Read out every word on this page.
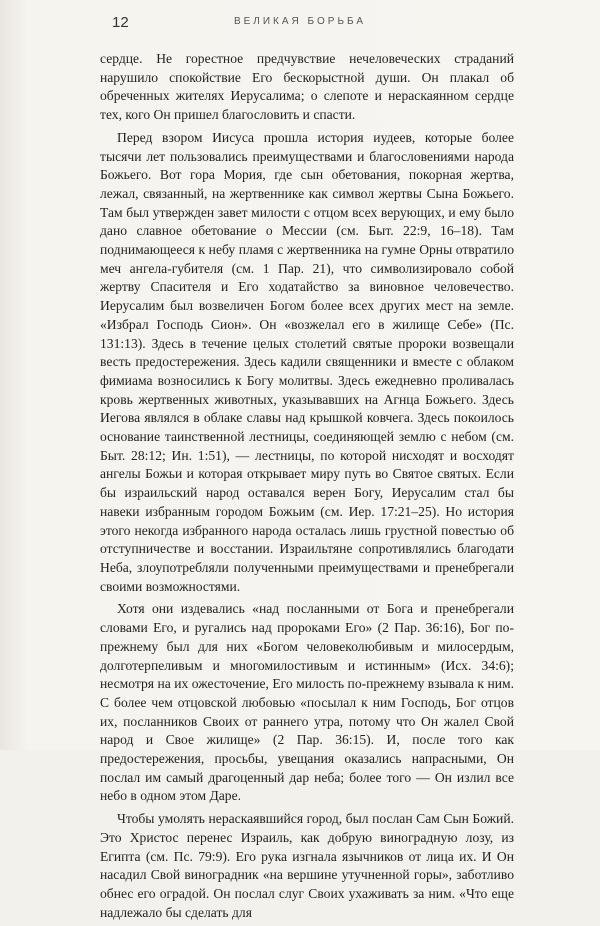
12	ВЕЛИКАЯ БОРЬБА

сердце. Не горестное предчувствие нечеловеческих страданий нарушило спокойствие Его бескорыстной души. Он плакал об обреченных жителях Иерусалима; о слепоте и нераскаянном сердце тех, кого Он пришел благословить и спасти.

Перед взором Иисуса прошла история иудеев, которые более тысячи лет пользовались преимуществами и благословениями народа Божьего. Вот гора Мория, где сын обетования, покорная жертва, лежал, связанный, на жертвеннике как символ жертвы Сына Божьего. Там был утвержден завет милости с отцом всех верующих, и ему было дано славное обетование о Мессии (см. Быт. 22:9, 16–18). Там поднимающееся к небу пламя с жертвенника на гумне Орны отвратило меч ангела-губителя (см. 1 Пар. 21), что символизировало собой жертву Спасителя и Его ходатайство за виновное человечество. Иерусалим был возвеличен Богом более всех других мест на земле. «Избрал Господь Сион». Он «возжелал его в жилище Себе» (Пс. 131:13). Здесь в течение целых столетий святые пророки возвещали весть предостережения. Здесь кадили священники и вместе с облаком фимиама возносились к Богу молитвы. Здесь ежедневно проливалась кровь жертвенных животных, указывавших на Агнца Божьего. Здесь Иегова являлся в облаке славы над крышкой ковчега. Здесь покоилось основание таинственной лестницы, соединяющей землю с небом (см. Быт. 28:12; Ин. 1:51), — лестницы, по которой нисходят и восходят ангелы Божьи и которая открывает миру путь во Святое святых. Если бы израильский народ оставался верен Богу, Иерусалим стал бы навеки избранным городом Божьим (см. Иер. 17:21–25). Но история этого некогда избранного народа осталась лишь грустной повестью об отступничестве и восстании. Израильтяне сопротивлялись благодати Неба, злоупотребляли полученными преимуществами и пренебрегали своими возможностями.

Хотя они издевались «над посланными от Бога и пренебрегали словами Его, и ругались над пророками Его» (2 Пар. 36:16), Бог по-прежнему был для них «Богом человеколюбивым и милосердым, долготерпеливым и многомилостивым и истинным» (Исх. 34:6); несмотря на их ожесточение, Его милость по-прежнему взывала к ним. С более чем отцовской любовью «посылал к ним Господь, Бог отцов их, посланников Своих от раннего утра, потому что Он жалел Свой народ и Свое жилище» (2 Пар. 36:15). И, после того как предостережения, просьбы, увещания оказались напрасными, Он послал им самый драгоценный дар неба; более того — Он излил все небо в одном этом Даре.

Чтобы умолять нераскаявшийся город, был послан Сам Сын Божий. Это Христос перенес Израиль, как добрую виноградную лозу, из Египта (см. Пс. 79:9). Его рука изгнала язычников от лица их. И Он насадил Свой виноградник «на вершине утучненной горы», заботливо обнес его оградой. Он послал слуг Своих ухаживать за ним. «Что еще надлежало бы сделать для
